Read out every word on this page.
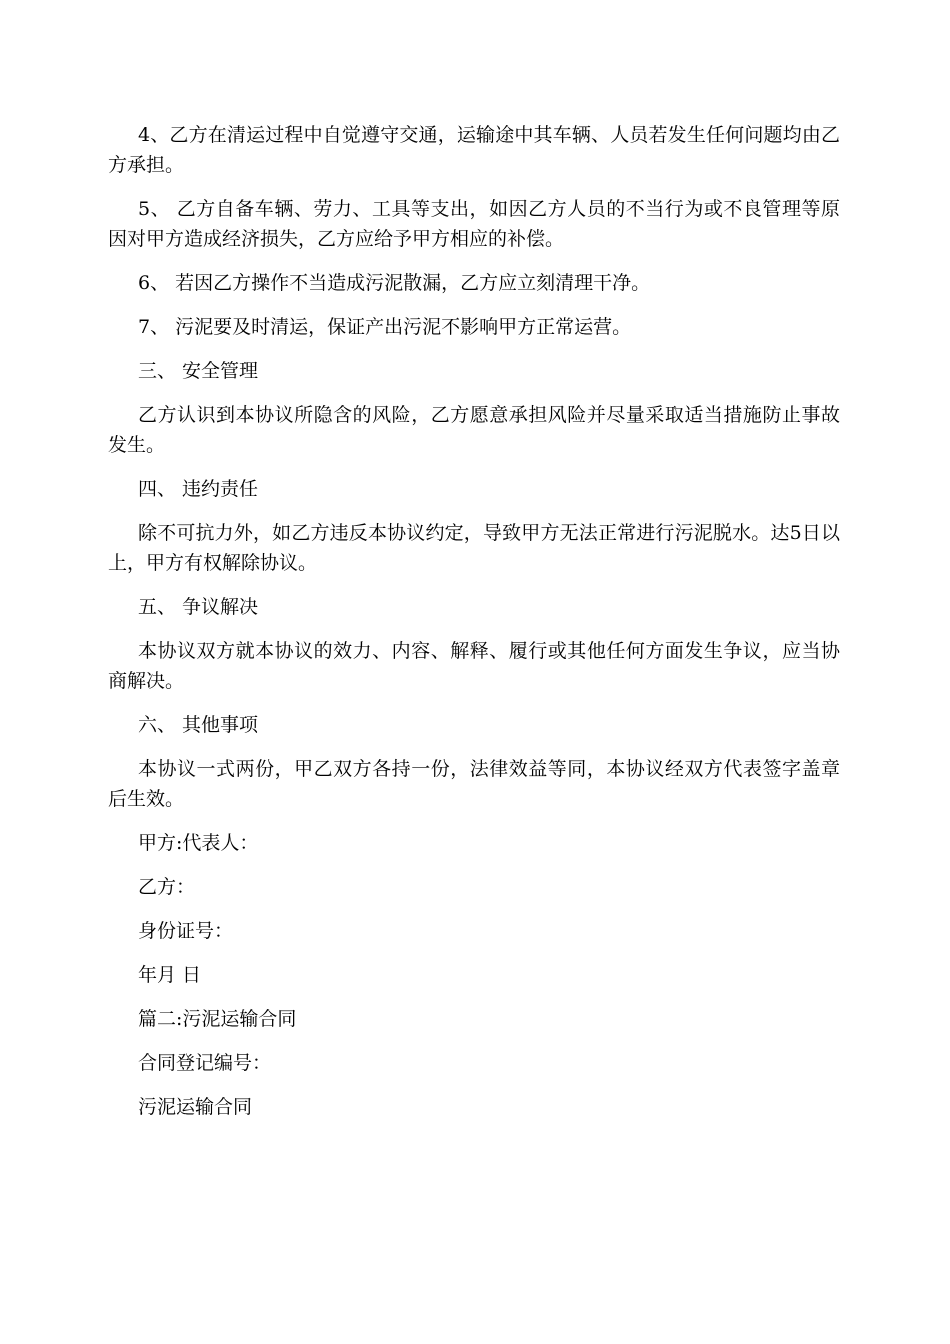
4、乙方在清运过程中自觉遵守交通，运输途中其车辆、人员若发生任何问题均由乙方承担。

5、 乙方自备车辆、劳力、工具等支出，如因乙方人员的不当行为或不良管理等原因对甲方造成经济损失，乙方应给予甲方相应的补偿。

6、 若因乙方操作不当造成污泥散漏，乙方应立刻清理干净。

7、 污泥要及时清运，保证产出污泥不影响甲方正常运营。

三、 安全管理

乙方认识到本协议所隐含的风险，乙方愿意承担风险并尽量采取适当措施防止事故发生。

四、 违约责任

除不可抗力外，如乙方违反本协议约定，导致甲方无法正常进行污泥脱水。达5日以上，甲方有权解除协议。

五、 争议解决

本协议双方就本协议的效力、内容、解释、履行或其他任何方面发生争议，应当协商解决。

六、 其他事项

本协议一式两份，甲乙双方各持一份，法律效益等同，本协议经双方代表签字盖章后生效。

甲方:代表人：

乙方：

身份证号：

年月 日

篇二:污泥运输合同

合同登记编号：

污泥运输合同
